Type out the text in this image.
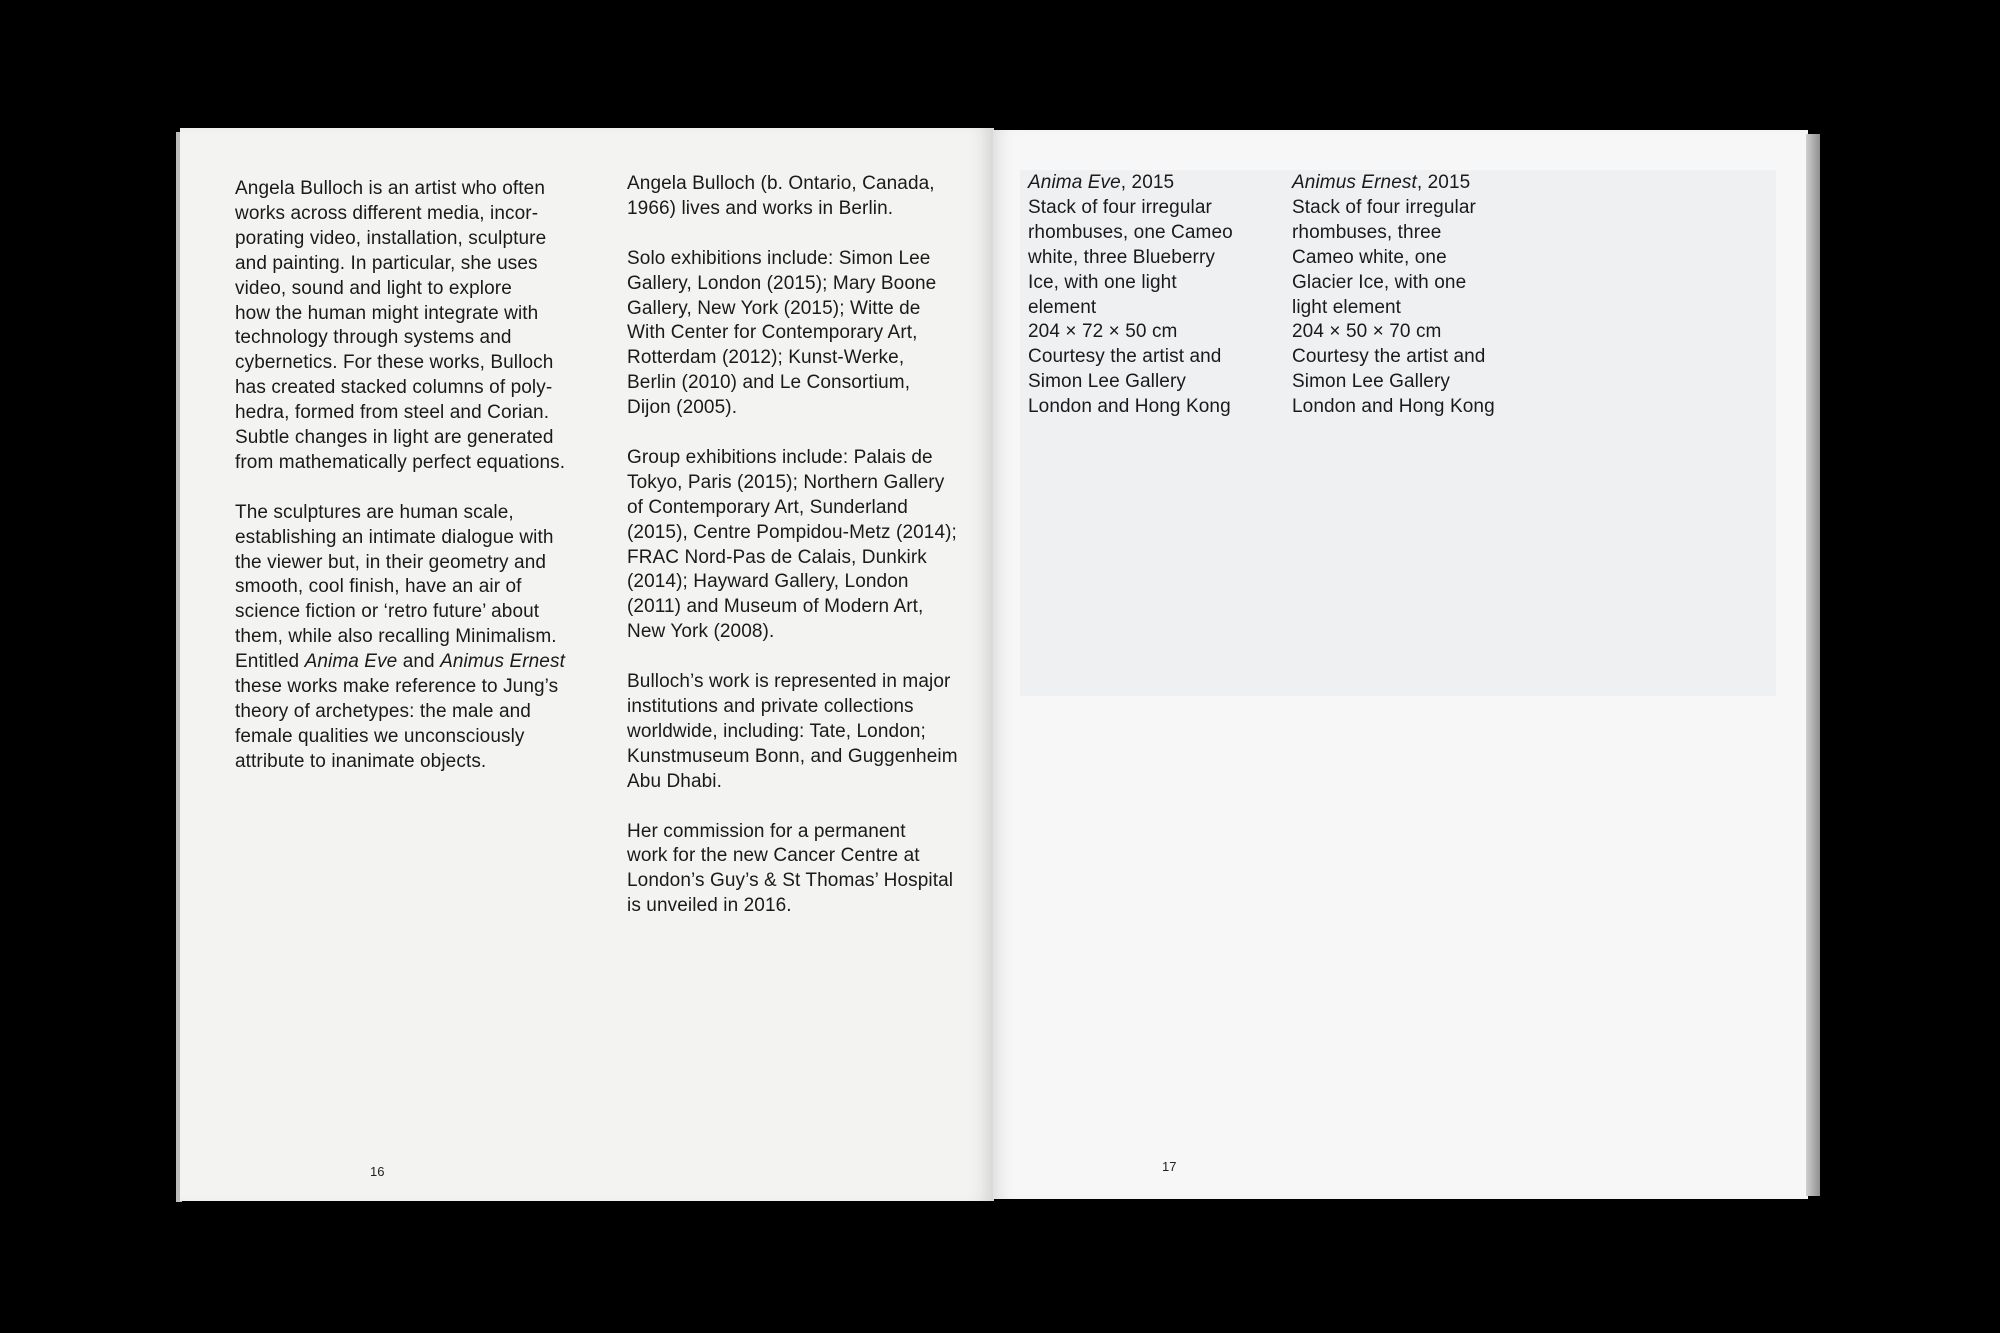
Angela Bulloch is an artist who often
works across different media, incor-
porating video, installation, sculpture
and painting. In particular, she uses
video, sound and light to explore
how the human might integrate with
technology through systems and
cybernetics. For these works, Bulloch
has created stacked columns of poly-
hedra, formed from steel and Corian.
Subtle changes in light are generated
from mathematically perfect equations.
The sculptures are human scale,
establishing an intimate dialogue with
the viewer but, in their geometry and
smooth, cool finish, have an air of
science fiction or ‘retro future’ about
them, while also recalling Minimalism.
Entitled Anima Eve and Animus Ernest
these works make reference to Jung’s
theory of archetypes: the male and
female qualities we unconsciously
attribute to inanimate objects.
Angela Bulloch (b. Ontario, Canada,
1966) lives and works in Berlin.
Solo exhibitions include: Simon Lee
Gallery, London (2015); Mary Boone
Gallery, New York (2015); Witte de
With Center for Contemporary Art,
Rotterdam (2012); Kunst-Werke,
Berlin (2010) and Le Consortium,
Dijon (2005).
Group exhibitions include: Palais de
Tokyo, Paris (2015); Northern Gallery
of Contemporary Art, Sunderland
(2015), Centre Pompidou-Metz (2014);
FRAC Nord-Pas de Calais, Dunkirk
(2014); Hayward Gallery, London
(2011) and Museum of Modern Art,
New York (2008).
Bulloch’s work is represented in major
institutions and private collections
worldwide, including: Tate, London;
Kunstmuseum Bonn, and Guggenheim
Abu Dhabi.
Her commission for a permanent
work for the new Cancer Centre at
London’s Guy’s & St Thomas’ Hospital
is unveiled in 2016.
Anima Eve, 2015
Stack of four irregular
rhombuses, one Cameo
white, three Blueberry
Ice, with one light
element
204 × 72 × 50 cm
Courtesy the artist and
Simon Lee Gallery
London and Hong Kong
Animus Ernest, 2015
Stack of four irregular
rhombuses, three
Cameo white, one
Glacier Ice, with one
light element
204 × 50 × 70 cm
Courtesy the artist and
Simon Lee Gallery
London and Hong Kong
16	17
